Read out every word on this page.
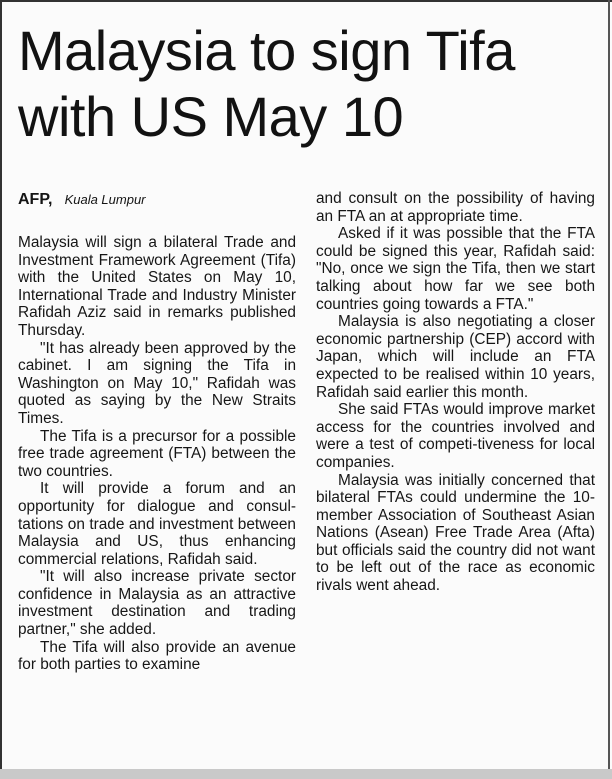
Malaysia to sign Tifa with US May 10
AFP, Kuala Lumpur

Malaysia will sign a bilateral Trade and Investment Framework Agreement (Tifa) with the United States on May 10, International Trade and Industry Minister Rafidah Aziz said in remarks published Thursday.

"It has already been approved by the cabinet. I am signing the Tifa in Washington on May 10," Rafidah was quoted as saying by the New Straits Times.

The Tifa is a precursor for a possible free trade agreement (FTA) between the two countries.

It will provide a forum and an opportunity for dialogue and consul-tations on trade and investment between Malaysia and US, thus enhancing commercial relations, Rafidah said.

"It will also increase private sector confidence in Malaysia as an attractive investment destination and trading partner," she added.

The Tifa will also provide an avenue for both parties to examine

and consult on the possibility of having an FTA an at appropriate time.

Asked if it was possible that the FTA could be signed this year, Rafidah said: "No, once we sign the Tifa, then we start talking about how far we see both countries going towards a FTA."

Malaysia is also negotiating a closer economic partnership (CEP) accord with Japan, which will include an FTA expected to be realised within 10 years, Rafidah said earlier this month.

She said FTAs would improve market access for the countries involved and were a test of competi-tiveness for local companies.

Malaysia was initially concerned that bilateral FTAs could undermine the 10-member Association of Southeast Asian Nations (Asean) Free Trade Area (Afta) but officials said the country did not want to be left out of the race as economic rivals went ahead.
